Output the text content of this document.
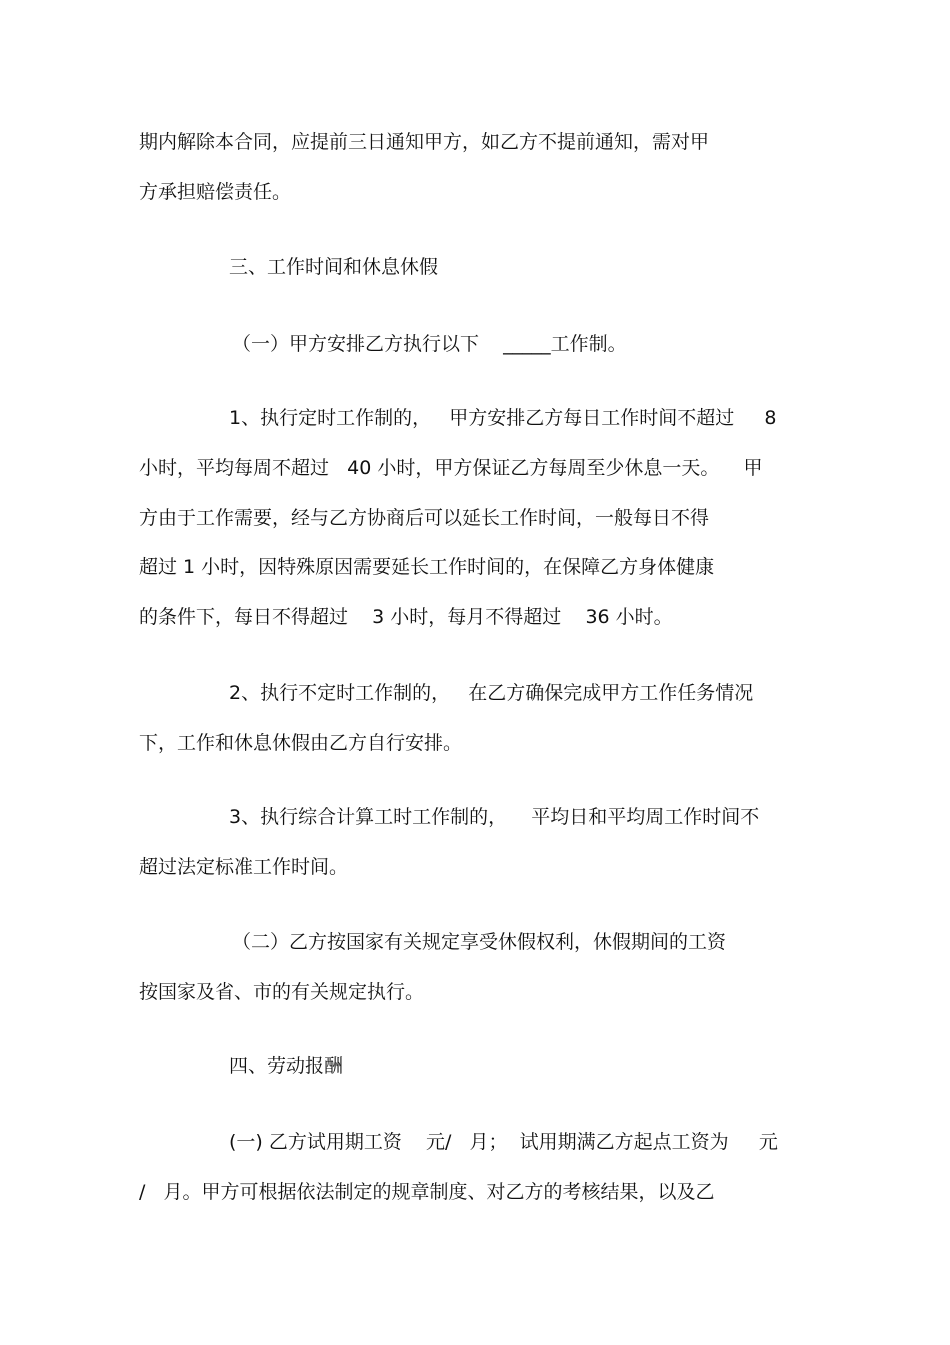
期内解除本合同，应提前三日通知甲方，如乙方不提前通知，需对甲

方承担赔偿责任。

三、工作时间和休息休假

（一）甲方安排乙方执行以下    _____工作制。

1、执行定时工作制的，   甲方安排乙方每日工作时间不超过     8

小时，平均每周不超过   40 小时，甲方保证乙方每周至少休息一天。    甲

方由于工作需要，经与乙方协商后可以延长工作时间，一般每日不得

超过 1 小时，因特殊原因需要延长工作时间的，在保障乙方身体健康

的条件下，每日不得超过    3 小时，每月不得超过    36 小时。

2、执行不定时工作制的，   在乙方确保完成甲方工作任务情况

下，工作和休息休假由乙方自行安排。

3、执行综合计算工时工作制的，    平均日和平均周工作时间不

超过法定标准工作时间。

（二）乙方按国家有关规定享受休假权利，休假期间的工资

按国家及省、市的有关规定执行。

四、劳动报酬

(一) 乙方试用期工资    元/   月；  试用期满乙方起点工资为     元

/   月。甲方可根据依法制定的规章制度、对乙方的考核结果，以及乙
